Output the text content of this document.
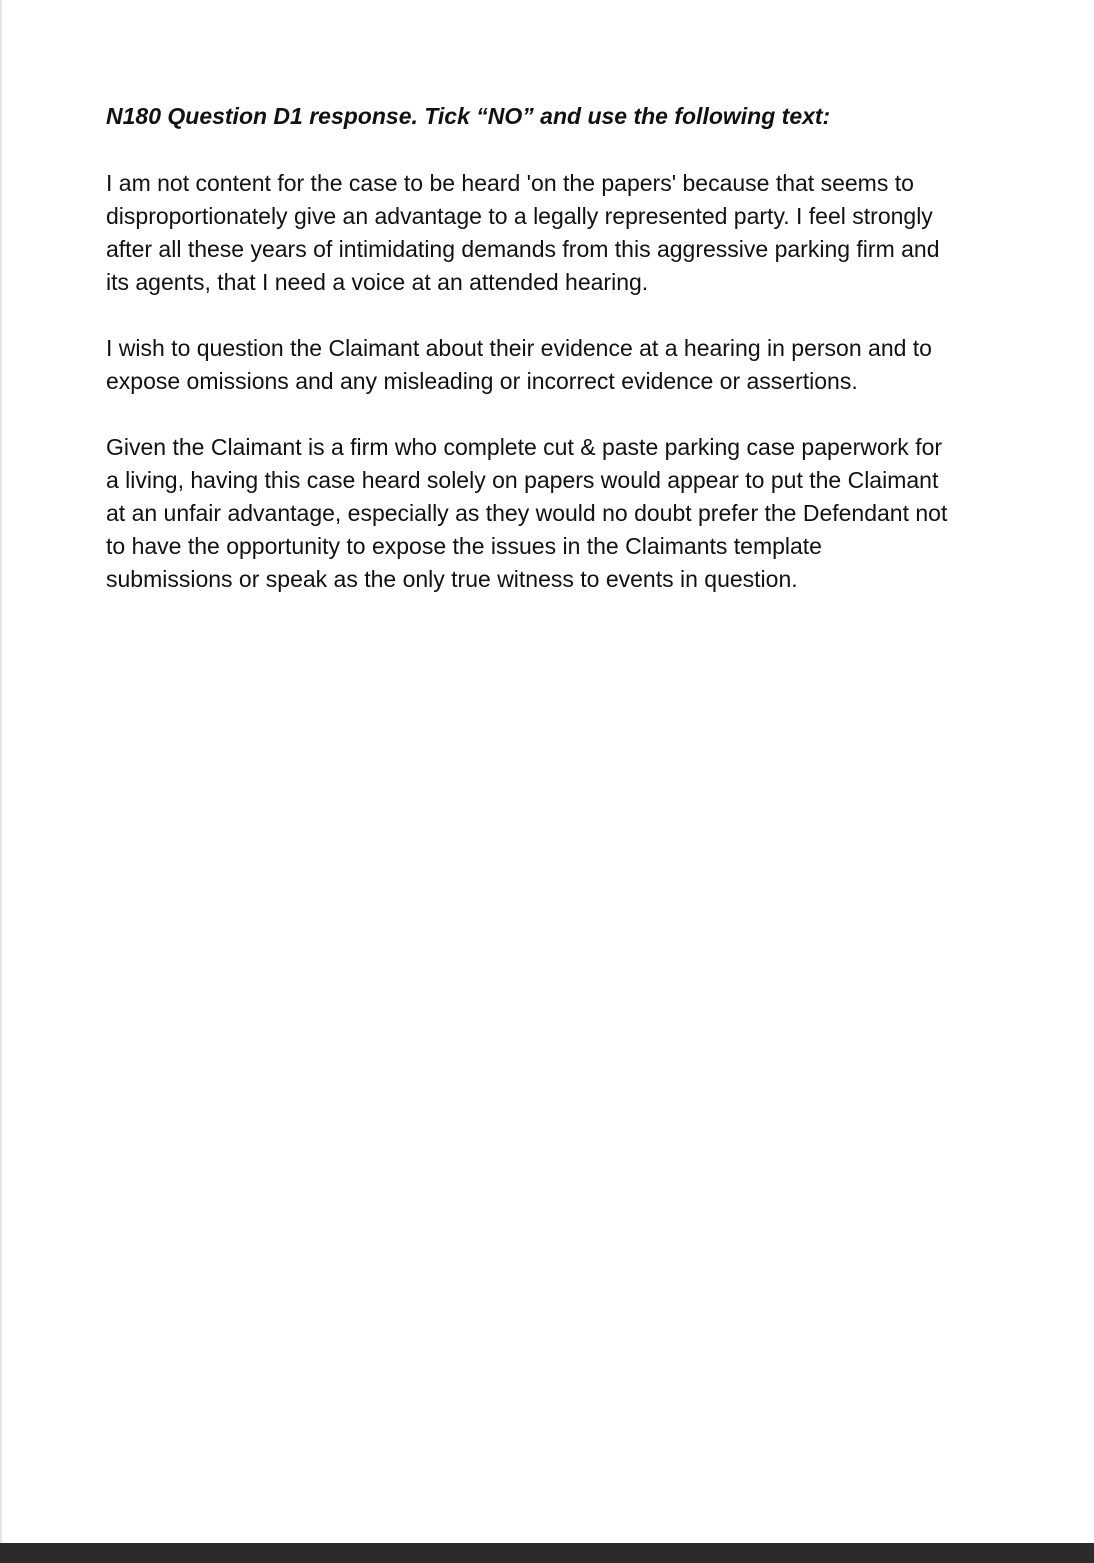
N180 Question D1 response. Tick “NO” and use the following text:

I am not content for the case to be heard 'on the papers' because that seems to
disproportionately give an advantage to a legally represented party. I feel strongly
after all these years of intimidating demands from this aggressive parking firm and
its agents, that I need a voice at an attended hearing.

I wish to question the Claimant about their evidence at a hearing in person and to
expose omissions and any misleading or incorrect evidence or assertions.

Given the Claimant is a firm who complete cut & paste parking case paperwork for
a living, having this case heard solely on papers would appear to put the Claimant
at an unfair advantage, especially as they would no doubt prefer the Defendant not
to have the opportunity to expose the issues in the Claimants template
submissions or speak as the only true witness to events in question.
